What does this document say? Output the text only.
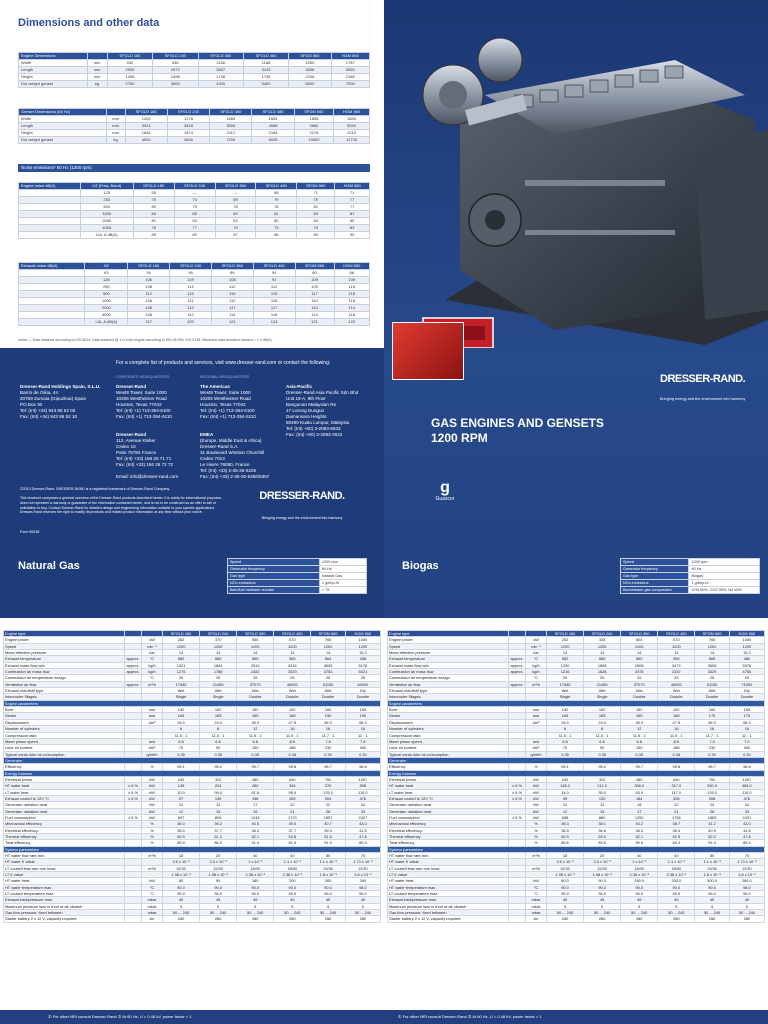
Dimensions and other data
Engine Dimensions		SFGLD 180	SFGLD 240	SFGLD 360	SFGLD 480	SFGM 560	HGM 560
Width	mm	940	946	1188	1188	1550	1787
Length	mm	2930	2872	3837	3143	3008	3550
Height	mm	1458	1458	1738	1738	2208	2185
Dry weight genset	kg	2760	3500	4200	5450	5500	7500
Genset Dimensions (60 Hz)		SFGLD 180	SFGLD 240	SFGLD 360	SFGLD 480	SFGM 560	HGM 560
Width	mm	1200	1278	1684	1684	1898	1840
Length	mm	3024	3818	3550	4088	4660	5040
Height	mm	1648	1874	2112	2184	2178	2210
Dry weight genset	kg	4000	4840	7200	9025	10000	11735
Noise emissions* 60 Hz (1200 rpm)
Engine noise dB(A)	HZ (Freq. Band)	SFGLD 180	SFGLD 240	SFGLD 360	SFGLD 480	SFGM 560	HGM 560
	125	55	—	—	68	71	71
	250	75	73	69	79	79	77
	500	82	79	78	78	81	77
	1000	84	85	82	81	83	81
	2000	81	83	83	80	84	85
	4000	78	77	79	73	79	83
	LIA, A dB(A)	89	89	87	88	89	90
Exhaust noise dB(A)	HZ	SFGLD 180	SFGLD 240	SFGLD 360	SFGLD 480	SFGM 560	HGM 560
	63	94	98	89	94	80	88
	125	106	109	108	91	109	109
	250	108	113	112	112	105	115
	500	112	115	115	119	117	118
	1000	108	111	112	118	110	118
	2000	108	112	117	117	110	114
	4000	108	112	114	118	114	118
	LIA, A dB(A)	117	120	121	124	121	122
Notes — Data obtained according to ISO 8614; Data obtained @ 1 m from engine according to DIN 45 635; ISO 6798. Maximum data deviation allowed = ± 3 dB(A).
For a complete list of products and services, visit www.dresser-rand.com or contact the following:
CORPORATE HEADQUARTERS	REGIONAL HEADQUARTERS
Dresser-Rand Holdings Spain, S.L.U.
Barrio de Oikia, 44
20759 Zumaia (Gipuzkoa) Spain
PO Box 30
Tel: (Int) +34) 943 86 52 00
Fax: (Int) +34) 943 86 52 10
Dresser-Rand
West8 Tower, Suite 1000
10205 Westheimer Road
Houston, Texas 77042
Tel: (Int) +1) 713-354-6100
Fax: (Int) +1) 713-354-6110
The Americas
West8 Tower, Suite 1000
10205 Westheimer Road
Houston, Texas 77042
Tel: (Int) +1) 713-354-6100
Fax: (Int) +1) 713-354-6110
Asia-Pacific
Dresser-Rand Asia Pacific Sdn Bhd
Unit 19-A, 9th Floor
Bangunan Malaysian Re
17 Lorong Dungun
Damansara Heights
50490 Kuala Lumpur, Malaysia
Tel: (Int) +60) 3-2093-6633
Fax: (Int) +60) 3-2093-2622
Dresser-Rand
112, Avenue Kleber
Cedex 16
Paris 75784 France
Tel: (Int) +33) 156 26 71 71
Fax: (Int) +33) 156 26 72 72

Email: info@dresser-rand.com
EMEA
(Europe, Middle East & Africa)
Dresser-Rand S.A.
31 Boulevard Winston Churchill
Cedex 7013
Le Havre 76080, France
Tel: (Int) +33) 2-35-25-5225
Fax: (Int) +33) 2-35-25-5366/5367
©2013 Dresser-Rand. DRESSER-RAND is a registered trademark of Dresser-Rand Company.
This brochure comprises a general overview of the Dresser-Rand products described herein. It is solely for informational purposes, does not represent a warranty or guarantee of the information contained herein, and is not to be construed as an offer to sell or solicitation to buy. Contact Dresser-Rand for detailed design and engineering information suitable to your specific applications. Dresser-Rand reserves the right to modify its products and related product information at any time without prior notice.
DRESSER-RAND.
Bringing energy and the environment into harmony
Form 85238
DRESSER-RAND.
Bringing energy and the environment into harmony
GAS ENGINES AND GENSETS
1200 RPM
g
Guascor
Natural Gas	Speed	1200 rpm
Generator frequency	60 Hz
Gas type	Natural Gas
NOx emissions	1 g/bhp-hr
Bsfc/fuel methane number	> 75
Engine type			SFGLD 180	SFGLD 240	SFGLD 360	SFGLD 480	SFGM 560	HGM 560
Engine power		kW	282	370	555	670	765	1040
Speed		min⁻¹	1200	1200	1200	1200	1200	1200
Mean effective pressure		bar	14	14	14	14	14	15.3
Exhaust temperature	approx.	°C	550	585	565	560	564	458
Exhaust mass flow wet	approx.	kg/h	1321	1844	2514	3416	3605	5178
Combustion air mass flow	approx.	kg/h	1276	1788	2452	3320	3753	5021
Combustion air temperature design		°C	25	25	25	25	25	25
Ventilation air flow	approx.	m³/h	17640	21450	37070	46920	51150	69000
Exhaust manifold type			Wet	Wet	Wet	Wet	Wet	Dry
Intercooler Stages			Single	Single	Double	Double	Double	Double
Engine parameters								
Bore		mm	152	152	152	152	160	160
Stroke		mm	165	165	165	165	190	190
Displacement		dm³	18.0	24.0	35.9	47.9	56.3	58.3
Number of cylinders			6	8	12	16	16	16
Compression ratio			11.5 : 1	11.5 : 1	11.5 : 1	11.5 : 1	11.7 : 1	12 : 1
Mean piston speed		m/s	6.6	6.6	6.6	6.6	7.6	7.6
Lube oil content		dm³	70	90	150	185	232	400
Typical mean lube oil consumption		g/kWh	0.35	0.35	0.35	0.35	0.30	0.30
Generator								
Efficiency		%	95.1	95.2	95.7	95.8	96.7	96.8
Energy balance								
Electrical power		kW	240	322	480	640	762	1007
HT water heat	± 8 %	kW	145	224	280	394	370	505
LT water heat	± 8 %	kW	10.0	95.0	61.8	95.5	125.0	110.0
Exhaust cooled to 120 °C	± 8 %	kW	97	145	198	269	304	476
Generator radiation heat		kW	10	13	17	22	22	34
Generator radiation heat		kW	12	15	19	21	26	33
Fuel consumption	± 5 %	kW	697	805	1243	1723	1857	2427
Mechanical efficiency		%	36.0	39.2	40.5	39.0	40.7	43.0
Electrical efficiency		%	35.0	37.7	38.3	37.7	39.3	41.5
Thermal efficiency		%	50.9	51.2	52.1	53.8	51.6	47.8
Total efficiency		%	85.9	86.9	91.4	91.5	91.9	89.3
System parameters								
HT water flow rate min.		m³/h	15	20	40	40	50	70
HT water K value			4.5 x 10⁻³	3.3 x 10⁻³	1 x 10⁻³	1.1 x 10⁻³	1.1 x 10⁻³	1.70 x 10⁻³
LT coolant flow rate min./max.		m³/h	15/30	15/30	18/30	18/30	15/30	12/30
LT K value			1.98 x 10⁻³	1.98 x 10⁻³	2.38 x 10⁻³	2.38 x 10⁻³	1.8 x 10⁻³	1.6 x 10⁻³
HT water heat		kW	80	90	180	200	300	280
HT water temperature max.		°C	90.0	90.0	90.0	90.0	90.0	98.0
LT coolant temperature max.		°C	55.0	55.0	55.0	55.0	55.0	55.0
Exhaust backpressure max.		mbar	45	45	45	45	45	45
Maximum pressure loss in front of air cleaner		mbar	5	5	5	5	5	5
Gas flow pressure, fixed between		mbar	50 ... 240	50 ... 240	50 ... 240	50 ... 240	50 ... 240	50 ... 240
Starter battery 2 x 12 V, capacity required		Ah	280	280	280	280	280	280
① For other NRI consult Dresser-Rand ② At 60 Hz, U = 0.48 kV, power factor = 1
Biogas	Speed	1200 rpm
Generator frequency	60 Hz
Gas type	Biogas
NOx emissions	1 g/bhp-hr
Biomethane gas composition	CH4 60%, CO2 35%, N2 ≤5%
Engine type			SFGLD 180	SFGLD 240	SFGLD 360	SFGLD 480	SFGM 560	HGM 560
Engine power		kW	252	335	503	670	765	1040
Speed		min⁻¹	1200	1200	1200	1200	1200	1200
Mean effective pressure		bar	14	14	14	14	14	15.3
Exhaust temperature	approx.	°C	552	585	560	555	565	480
Exhaust mass flow wet	approx.	kg/h	1330	1808	2608	3474	3608	5376
Combustion air mass flow	approx.	kg/h	1216	1628	2378	3157	3329	4765
Combustion air temperature design		°C	25	25	25	25	25	25
Ventilation air flow	approx.	m³/h	17640	21450	37070	46920	51150	71000
Exhaust manifold type			Wet	Wet	Wet	Wet	Wet	Dry
Intercooler Stages			Single	Single	Double	Double	Double	Double
Engine parameters								
Bore		mm	152	152	152	152	160	160
Stroke		mm	165	165	165	165	175	175
Displacement		dm³	18.0	24.0	35.9	47.9	56.3	56.3
Number of cylinders			6	8	12	16	16	16
Compression ratio			11.5 : 1	11.5 : 1	11.5 : 1	11.5 : 1	11.7 : 1	12 : 1
Mean piston speed		m/s	6.6	6.6	6.6	6.6	7.0	7.0
Lube oil content		dm³	70	90	150	185	232	400
Typical mean lube oil consumption		g/kWh	0.35	0.35	0.35	0.35	0.30	0.30
Generator								
Efficiency		%	95.1	95.2	95.7	95.8	96.7	96.8
Energy balance								
Electrical power		kW	240	322	480	640	762	1007
HT water heat	± 8 %	kW	145.0	211.0	306.0	317.0	390.0	483.0
LT water heat	± 8 %	kW	14.0	35.0	63.0	117.0	125.0	110.0
Exhaust cooled to 120 °C	± 8 %	kW	99	130	184	305	308	476
Generator radiation heat		kW	10	13	18	22	24	34
Generator radiation heat		kW	12	15	17	21	26	33
Fuel consumption	± 5 %	kW	658	880	1252	1756	1865	2421
Mechanical efficiency		%	38.3	38.1	40.2	38.7	41.2	43.0
Electrical efficiency		%	36.5	36.6	38.3	36.4	40.9	41.6
Thermal efficiency		%	50.9	53.0	52.1	52.9	52.0	47.8
Total efficiency		%	86.6	89.6	90.5	89.3	91.4	89.4
System parameters								
HT water flow rate min.		m³/h	15	20	40	40	50	70
HT water K value			4.5 x 10⁻³	3.3 x 10⁻³	1 x 10⁻³	1.1 x 10⁻³	1.1 x 10⁻³	1.70 x 10⁻³
LT coolant flow rate min./max.		m³/h	15/30	15/30	18/30	18/30	15/30	12/30
LT K value			1.98 x 10⁻³	1.98 x 10⁻³	2.38 x 10⁻³	2.38 x 10⁻³	1.8 x 10⁻³	1.6 x 10⁻³
HT water heat		kW	80.0	90.0	180.0	200.0	300.0	280.0
HT water temperature max.		°C	90.0	90.0	90.0	90.0	90.0	98.0
LT coolant temperature max.		°C	55.0	55.0	55.0	55.0	55.0	55.0
Exhaust backpressure max.		mbar	45	45	45	45	45	45
Maximum pressure loss in front of air cleaner		mbar	5	5	5	5	5	5
Gas flow pressure, fixed between		mbar	50 ... 240	50 ... 240	50 ... 240	50 ... 240	50 ... 240	50 ... 240
Starter battery 2 x 12 V, capacity required		Ah	280	280	280	280	280	280
① For other NRI consult Dresser-Rand ② At 60 Hz, U = 0.48 kV, power factor = 1
